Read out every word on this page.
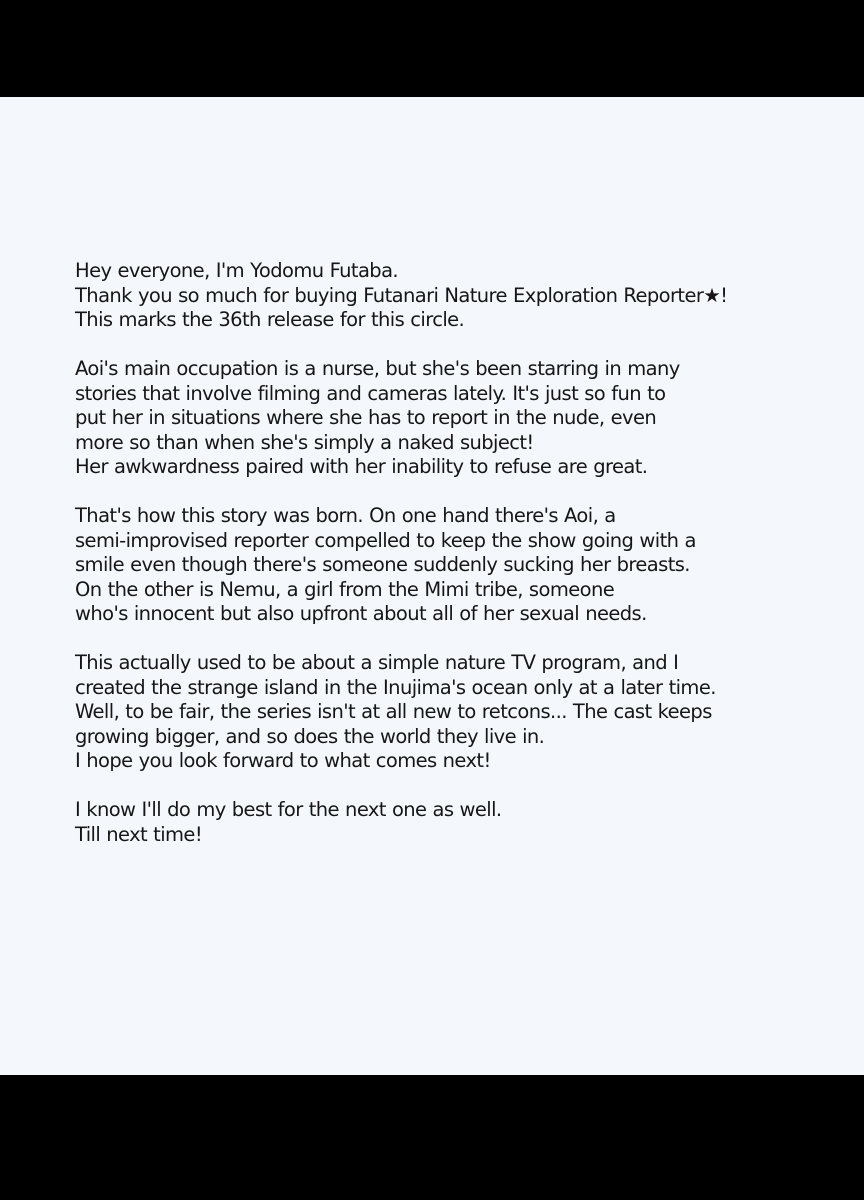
Hey everyone, I'm Yodomu Futaba.
Thank you so much for buying Futanari Nature Exploration Reporter★!
This marks the 36th release for this circle.

Aoi's main occupation is a nurse, but she's been starring in many
stories that involve filming and cameras lately. It's just so fun to
put her in situations where she has to report in the nude, even
more so than when she's simply a naked subject!
Her awkwardness paired with her inability to refuse are great.

That's how this story was born. On one hand there's Aoi, a
semi-improvised reporter compelled to keep the show going with a
smile even though there's someone suddenly sucking her breasts.
On the other is Nemu, a girl from the Mimi tribe, someone
who's innocent but also upfront about all of her sexual needs.

This actually used to be about a simple nature TV program, and I
created the strange island in the Inujima's ocean only at a later time.
Well, to be fair, the series isn't at all new to retcons... The cast keeps
growing bigger, and so does the world they live in.
I hope you look forward to what comes next!

I know I'll do my best for the next one as well.
Till next time!
